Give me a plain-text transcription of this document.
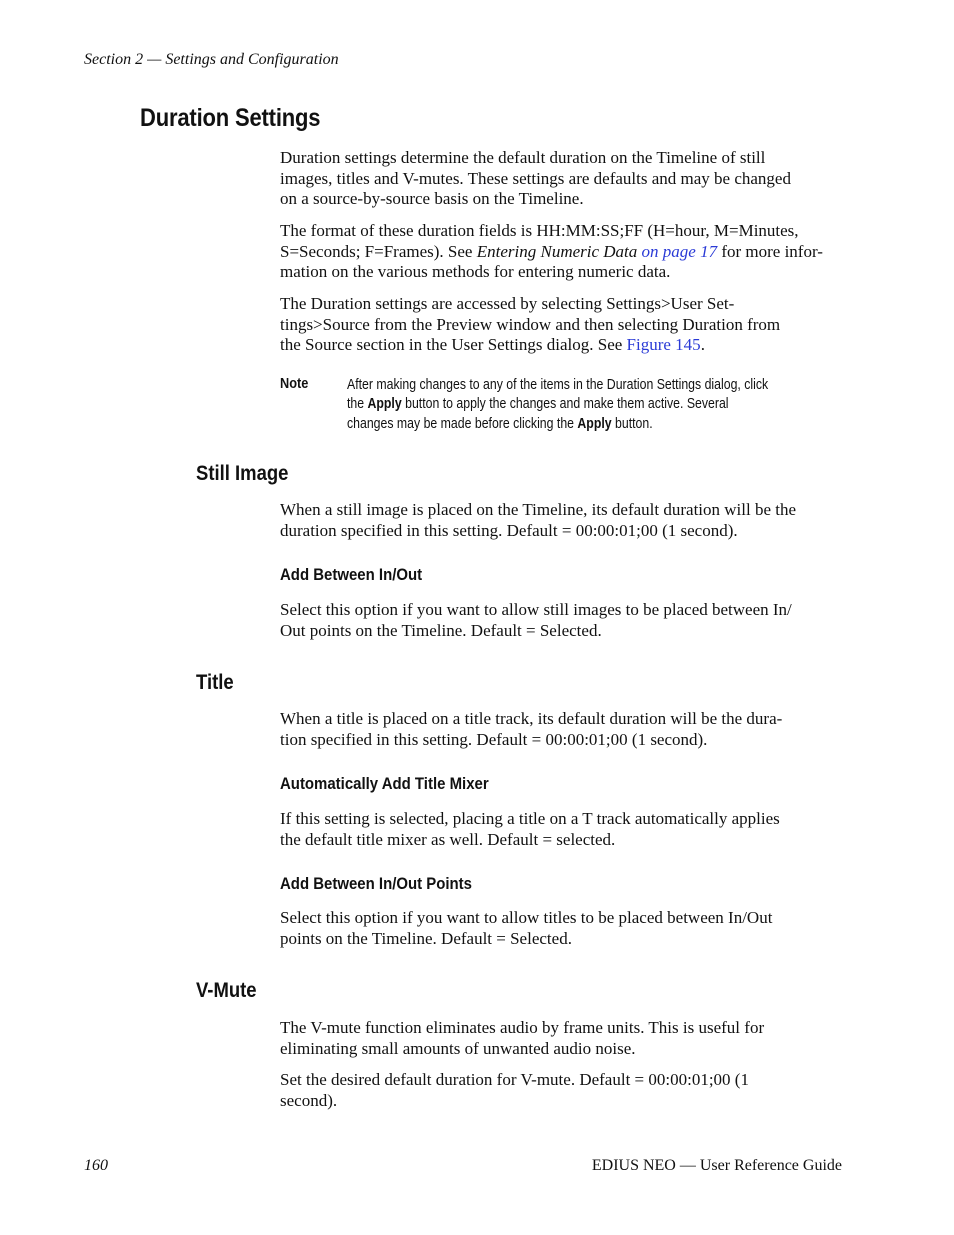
Section 2 — Settings and Configuration
Duration Settings
Duration settings determine the default duration on the Timeline of still
images, titles and V-mutes. These settings are defaults and may be changed
on a source-by-source basis on the Timeline.
The format of these duration fields is HH:MM:SS;FF (H=hour, M=Minutes,
S=Seconds; F=Frames). See Entering Numeric Data on page 17 for more infor-
mation on the various methods for entering numeric data.
The Duration settings are accessed by selecting Settings>User Set-
tings>Source from the Preview window and then selecting Duration from
the Source section in the User Settings dialog. See Figure 145.
Note	After making changes to any of the items in the Duration Settings dialog, click
the Apply button to apply the changes and make them active. Several
changes may be made before clicking the Apply button.
Still Image
When a still image is placed on the Timeline, its default duration will be the
duration specified in this setting. Default = 00:00:01;00 (1 second).
Add Between In/Out
Select this option if you want to allow still images to be placed between In/
Out points on the Timeline. Default = Selected.
Title
When a title is placed on a title track, its default duration will be the dura-
tion specified in this setting. Default = 00:00:01;00 (1 second).
Automatically Add Title Mixer
If this setting is selected, placing a title on a T track automatically applies
the default title mixer as well. Default = selected.
Add Between In/Out Points
Select this option if you want to allow titles to be placed between In/Out
points on the Timeline. Default = Selected.
V-Mute
The V-mute function eliminates audio by frame units. This is useful for
eliminating small amounts of unwanted audio noise.
Set the desired default duration for V-mute. Default = 00:00:01;00 (1
second).
160	EDIUS NEO — User Reference Guide
